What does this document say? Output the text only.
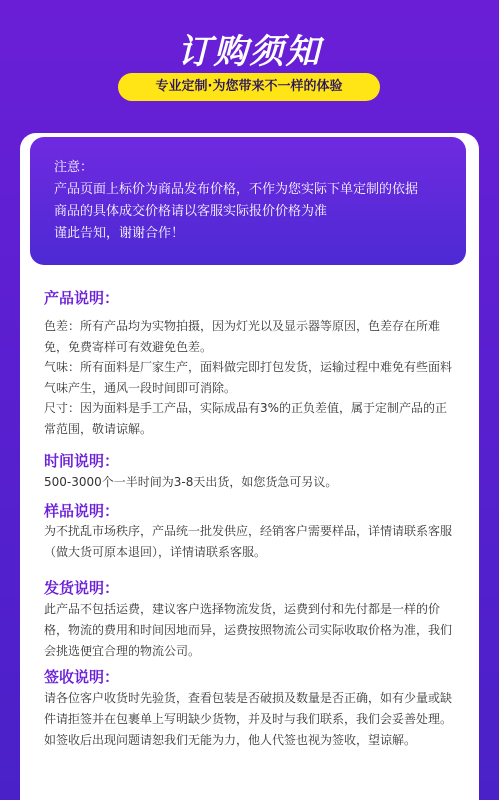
订购须知
专业定制·为您带来不一样的体验
注意：
产品页面上标价为商品发布价格，不作为您实际下单定制的依据
商品的具体成交价格请以客服实际报价价格为准
谨此告知，谢谢合作！
产品说明：
色差：所有产品均为实物拍摄，因为灯光以及显示器等原因，色差存在所难免，免费寄样可有效避免色差。
气味：所有面料是厂家生产，面料做完即打包发货，运输过程中难免有些面料气味产生，通风一段时间即可消除。
尺寸：因为面料是手工产品，实际成品有3%的正负差值，属于定制产品的正常范围，敬请谅解。
时间说明：
500-3000个一半时间为3-8天出货，如您货急可另议。
样品说明：
为不扰乱市场秩序，产品统一批发供应，经销客户需要样品，详情请联系客服（做大货可原本退回），详情请联系客服。
发货说明：
此产品不包括运费，建议客户选择物流发货，运费到付和先付都是一样的价格，物流的费用和时间因地而异，运费按照物流公司实际收取价格为准，我们会挑选便宜合理的物流公司。
签收说明：
请各位客户收货时先验货，查看包装是否破损及数量是否正确，如有少量或缺件请拒签并在包裹单上写明缺少货物，并及时与我们联系，我们会妥善处理。如签收后出现问题请恕我们无能为力，他人代签也视为签收，望谅解。
